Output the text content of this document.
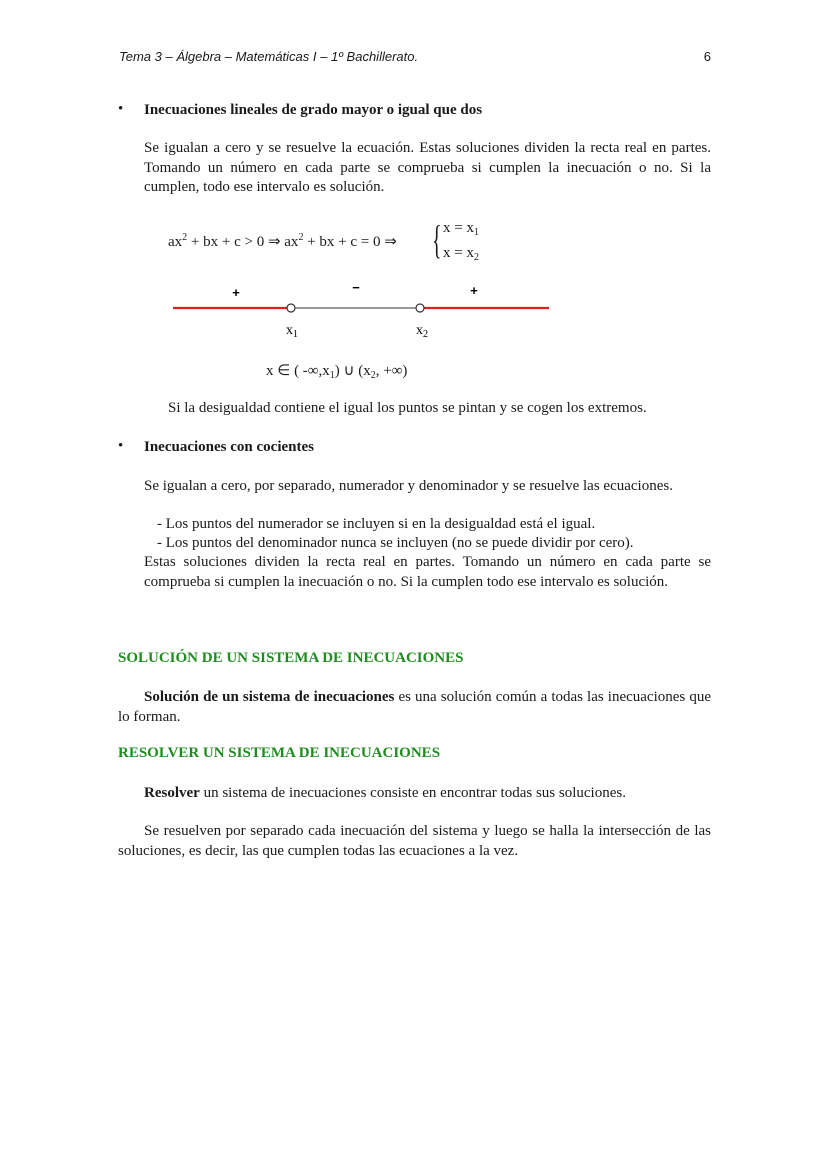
Tema 3 – Álgebra – Matemáticas I – 1º Bachillerato.	6
• Inecuaciones lineales de grado mayor o igual que dos
Se igualan a cero y se resuelve la ecuación. Estas soluciones dividen la recta real en partes. Tomando un número en cada parte se comprueba si cumplen la inecuación o no. Si la cumplen, todo ese intervalo es solución.
$ax^2$ + bx + c > 0 ⇒ $ax^2$ + bx + c = 0 ⇒ { $x = x_1$
$x = x_2$
+	−	+
$x_1$	$x_2$
x ∈ ( $-\infty,x_1$) ∪ ($x_2$, +∞)
Si la desigualdad contiene el igual los puntos se pintan y se cogen los extremos.
• Inecuaciones con cocientes
Se igualan a cero, por separado, numerador y denominador y se resuelve las ecuaciones.
- Los puntos del numerador se incluyen si en la desigualdad está el igual.
- Los puntos del denominador nunca se incluyen (no se puede dividir por cero).
Estas soluciones dividen la recta real en partes. Tomando un número en cada parte se comprueba si cumplen la inecuación o no. Si la cumplen todo ese intervalo es solución.
SOLUCIÓN DE UN SISTEMA DE INECUACIONES
Solución de un sistema de inecuaciones es una solución común a todas las inecuaciones que lo forman.
RESOLVER UN SISTEMA DE INECUACIONES
Resolver un sistema de inecuaciones consiste en encontrar todas sus soluciones.
Se resuelven por separado cada inecuación del sistema y luego se halla la intersección de las soluciones, es decir, las que cumplen todas las ecuaciones a la vez.
